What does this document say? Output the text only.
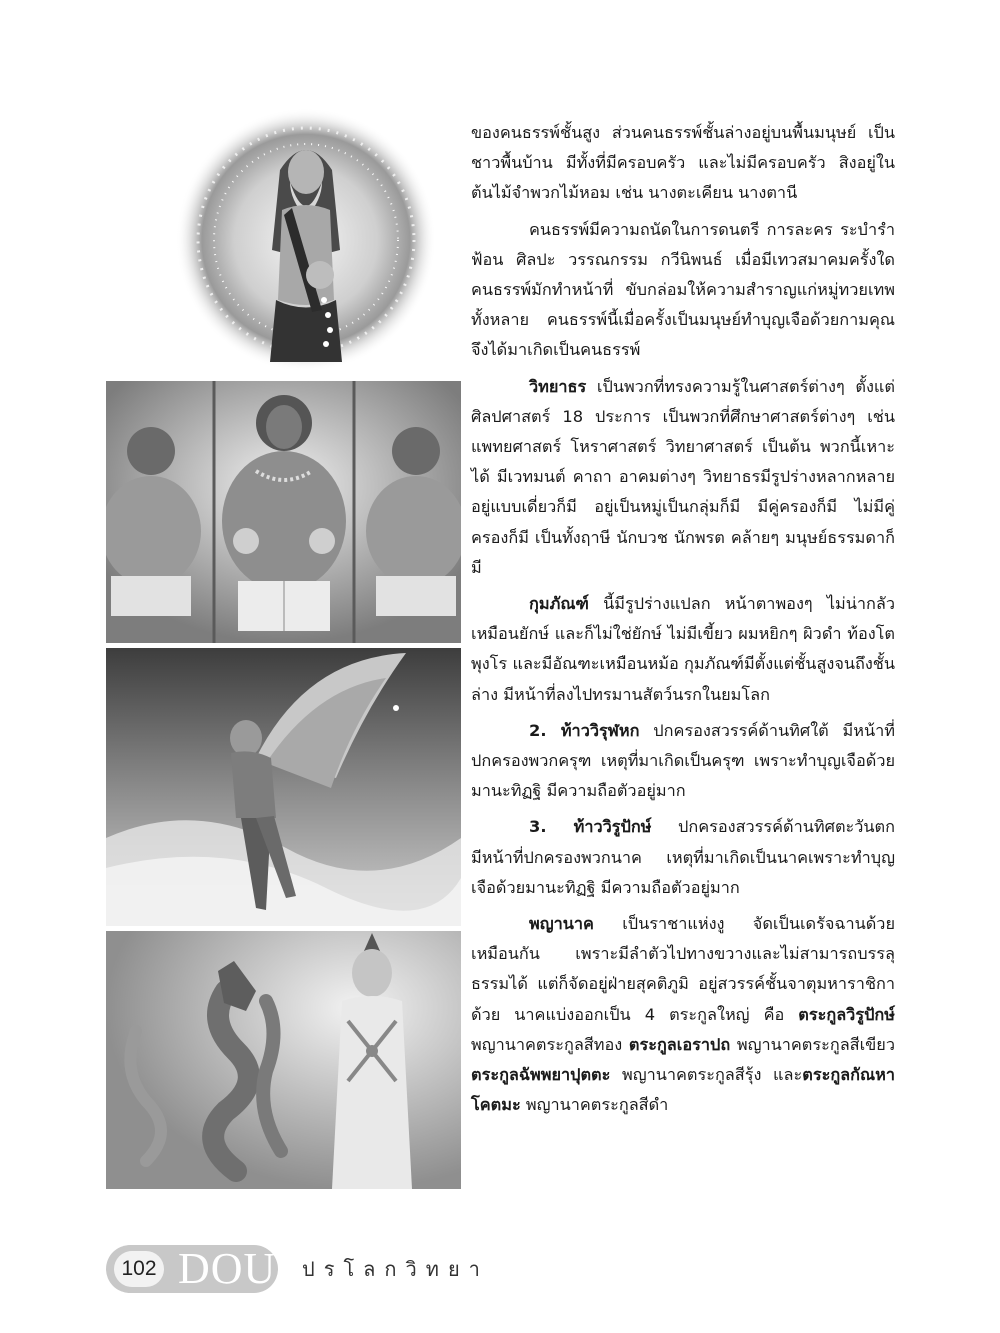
ของคนธรรพ์ชั้นสูง ส่วนคนธรรพ์ชั้นล่างอยู่บนพื้นมนุษย์ เป็นชาวพื้นบ้าน มีทั้งที่มีครอบครัว และไม่มีครอบครัว สิงอยู่ในต้นไม้จำพวกไม้หอม เช่น นางตะเคียน นางตานี

คนธรรพ์มีความถนัดในการดนตรี การละคร ระบำรำฟ้อน ศิลปะ วรรณกรรม กวีนิพนธ์ เมื่อมีเทวสมาคมครั้งใดคนธรรพ์มักทำหน้าที่ ขับกล่อมให้ความสำราญแก่หมู่ทวยเทพทั้งหลาย คนธรรพ์นี้เมื่อครั้งเป็นมนุษย์ทำบุญเจือด้วยกามคุณ จึงได้มาเกิดเป็นคนธรรพ์

วิทยาธร เป็นพวกที่ทรงความรู้ในศาสตร์ต่างๆ ตั้งแต่ศิลปศาสตร์ 18 ประการ เป็นพวกที่ศึกษาศาสตร์ต่างๆ เช่น แพทยศาสตร์ โหราศาสตร์ วิทยาศาสตร์ เป็นต้น พวกนี้เหาะได้ มีเวทมนต์ คาถา อาคมต่างๆ วิทยาธรมีรูปร่างหลากหลาย อยู่แบบเดี่ยวก็มี อยู่เป็นหมู่เป็นกลุ่มก็มี มีคู่ครองก็มี ไม่มีคู่ครองก็มี เป็นทั้งฤาษี นักบวช นักพรต คล้ายๆ มนุษย์ธรรมดาก็มี

กุมภัณฑ์ นี้มีรูปร่างแปลก หน้าตาพองๆ ไม่น่ากลัวเหมือนยักษ์ และก็ไม่ใช่ยักษ์ ไม่มีเขี้ยว ผมหยิกๆ ผิวดำ ท้องโต พุงโร และมีอัณฑะเหมือนหม้อ กุมภัณฑ์มีตั้งแต่ชั้นสูงจนถึงชั้นล่าง มีหน้าที่ลงไปทรมานสัตว์นรกในยมโลก

2. ท้าววิรุฬหก ปกครองสวรรค์ด้านทิศใต้ มีหน้าที่ปกครองพวกครุฑ เหตุที่มาเกิดเป็นครุฑ เพราะทำบุญเจือด้วยมานะทิฏฐิ มีความถือตัวอยู่มาก

3. ท้าววิรูปักษ์ ปกครองสวรรค์ด้านทิศตะวันตก มีหน้าที่ปกครองพวกนาค เหตุที่มาเกิดเป็นนาคเพราะทำบุญเจือด้วยมานะทิฏฐิ มีความถือตัวอยู่มาก

พญานาค เป็นราชาแห่งงู จัดเป็นเดรัจฉานด้วยเหมือนกัน เพราะมีลำตัวไปทางขวางและไม่สามารถบรรลุธรรมได้ แต่ก็จัดอยู่ฝ่ายสุคติภูมิ อยู่สวรรค์ชั้นจาตุมหาราชิกาด้วย นาคแบ่งออกเป็น 4 ตระกูลใหญ่ คือ ตระกูลวิรูปักษ์ พญานาคตระกูลสีทอง ตระกูลเอราปถ พญานาคตระกูลสีเขียว ตระกูลฉัพพยาปุตตะ พญานาคตระกูลสีรุ้ง และตระกูลกัณหาโคตมะ พญานาคตระกูลสีดำ

102 DOU ปรโลกวิทยา
